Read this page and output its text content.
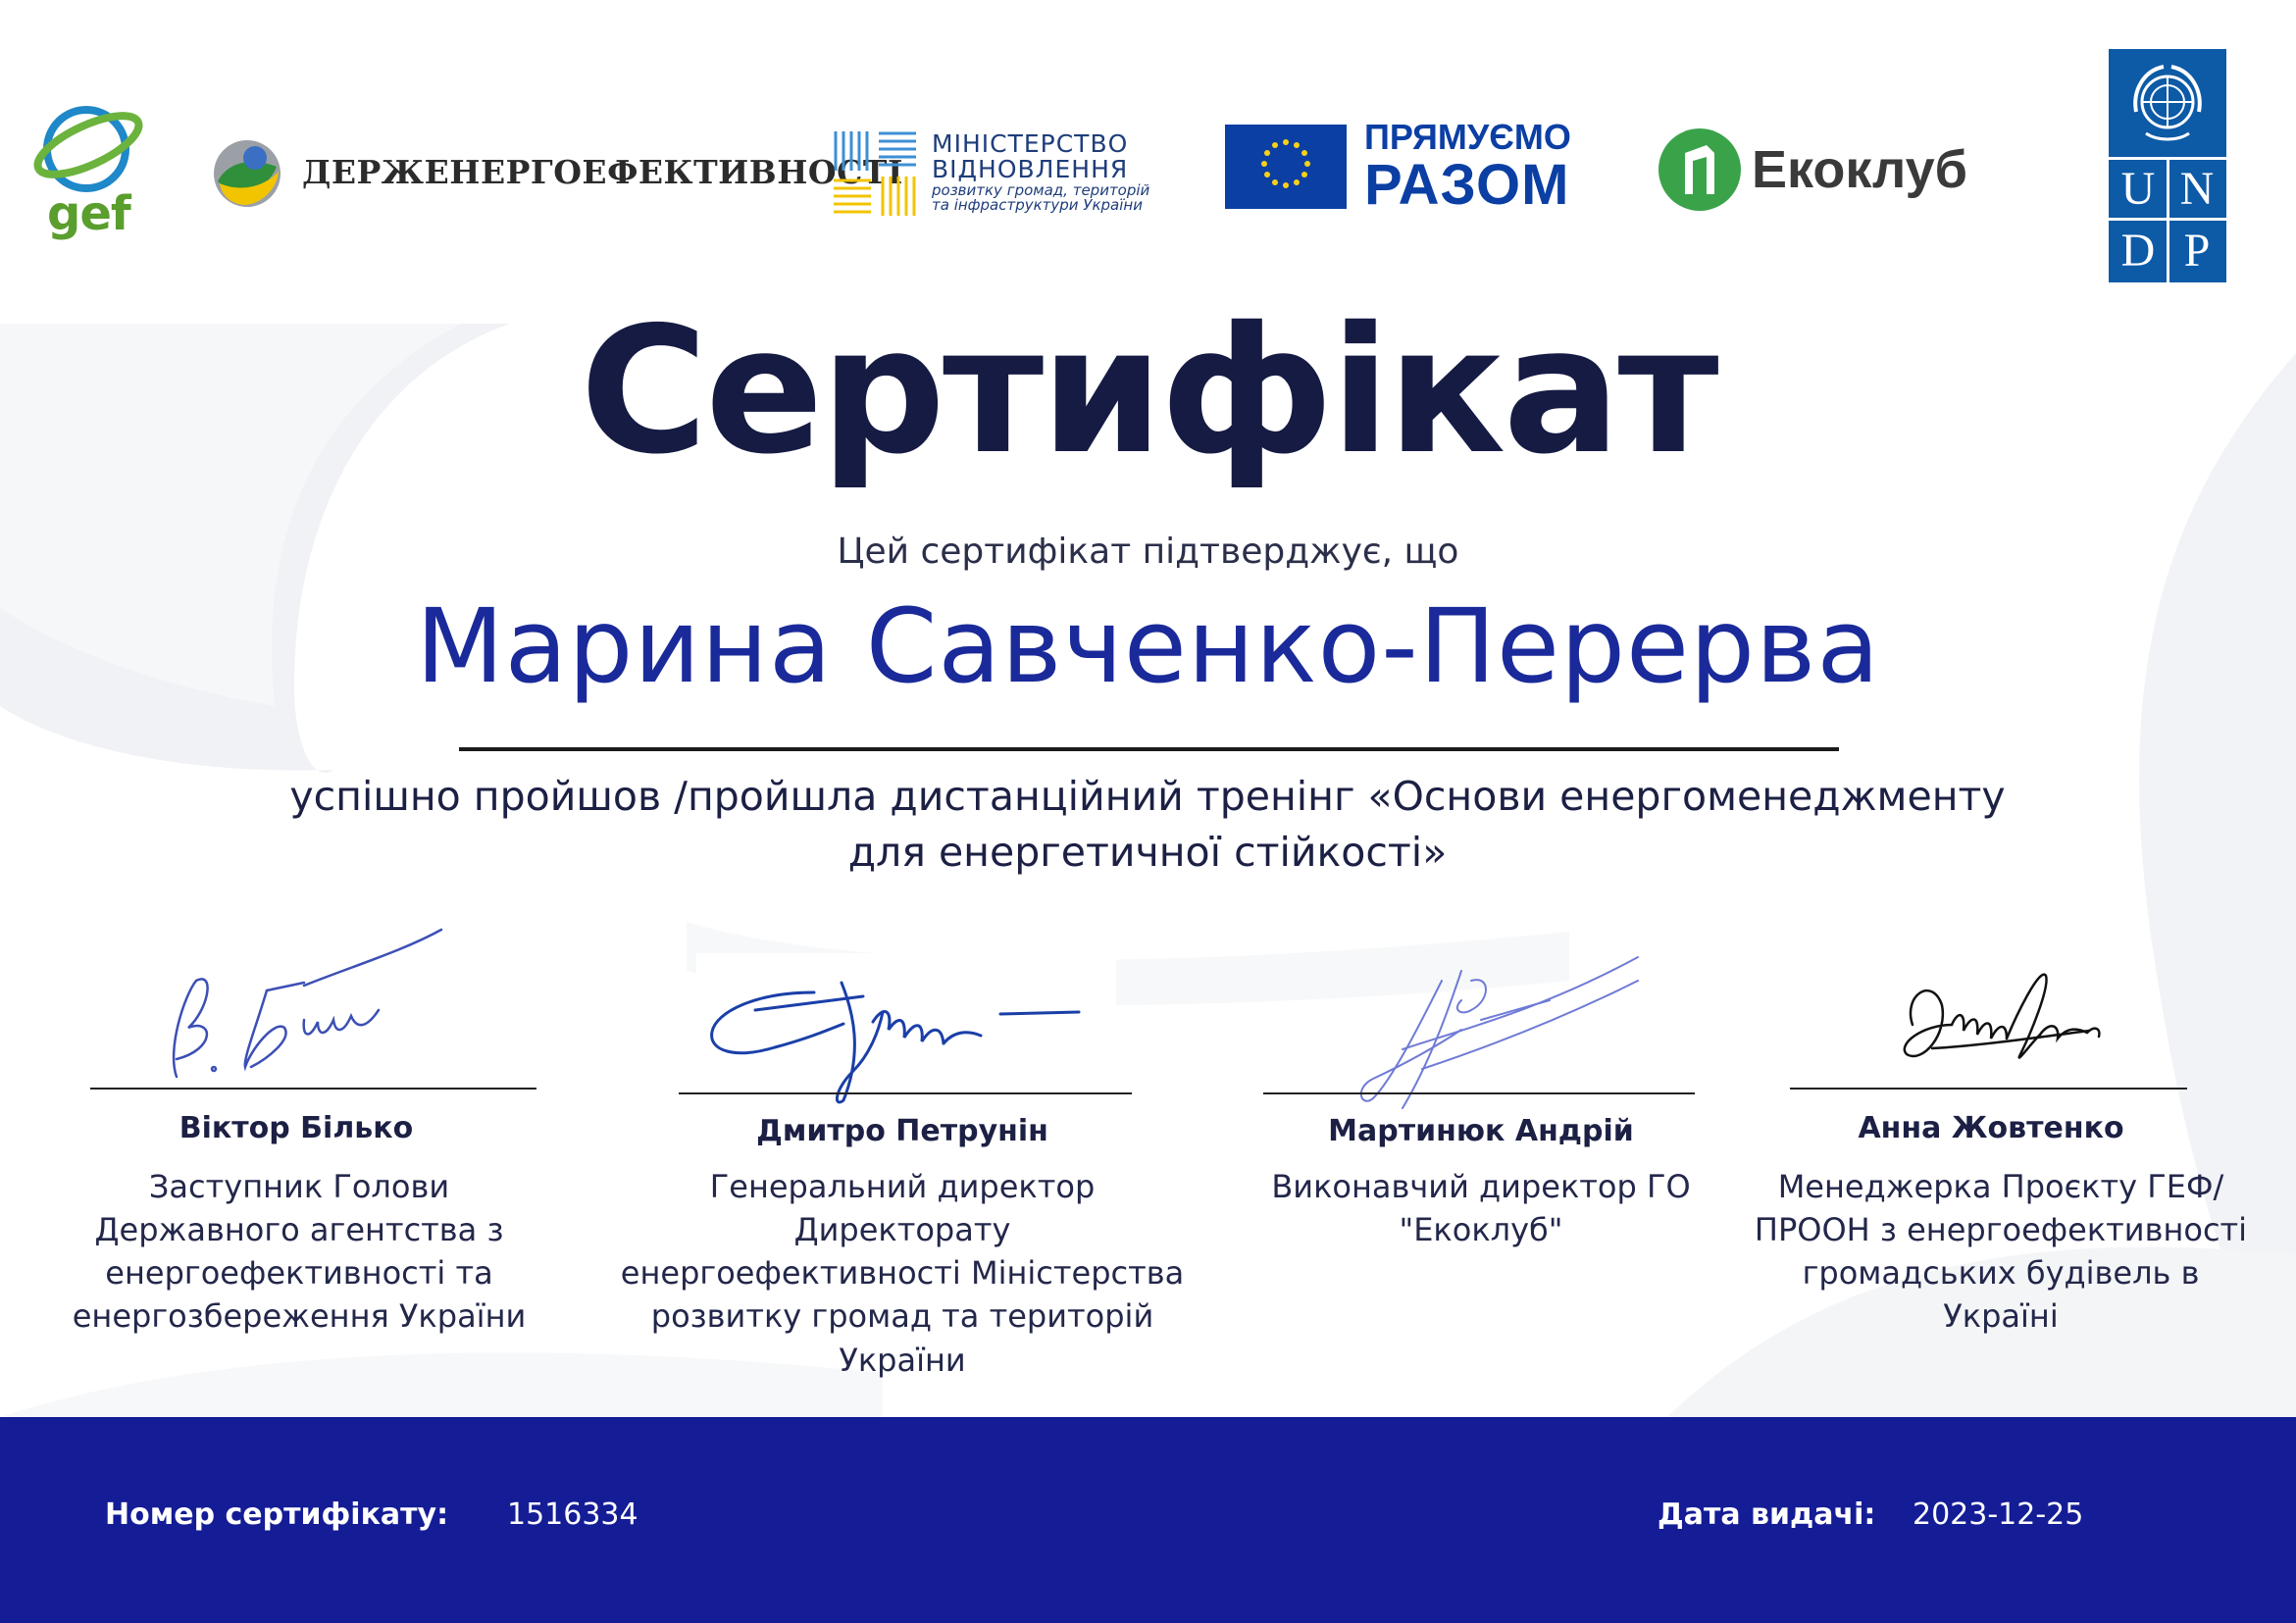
gef
ДЕРЖЕНЕРГОЕФЕКТИВНОСТІ
МІНІСТЕРСТВО
ВІДНОВЛЕННЯ
розвитку громад, територій
та інфраструктури України
ПРЯМУЄМО
РАЗОМ	Екоклуб	U N
D P
Сертифікат
Цей сертифікат підтверджує, що
Марина Савченко-Перерва
успішно пройшов /пройшла дистанційний тренінг «Основи енергоменеджменту
для енергетичної стійкості»
Віктор Білько
Заступник Голови
Державного агентства з
енергоефективності та
енергозбереження України
Дмитро Петрунін
Генеральний директор
Директорату
енергоефективності Міністерства
розвитку громад та територій
України
Мартинюк Андрій
Виконавчий директор ГО
"Екоклуб"
Анна Жовтенко
Менеджерка Проєкту ГЕФ/
ПРООН з енергоефективності
громадських будівель в
Україні
Номер сертифікату: 1516334	Дата видачі: 2023-12-25
